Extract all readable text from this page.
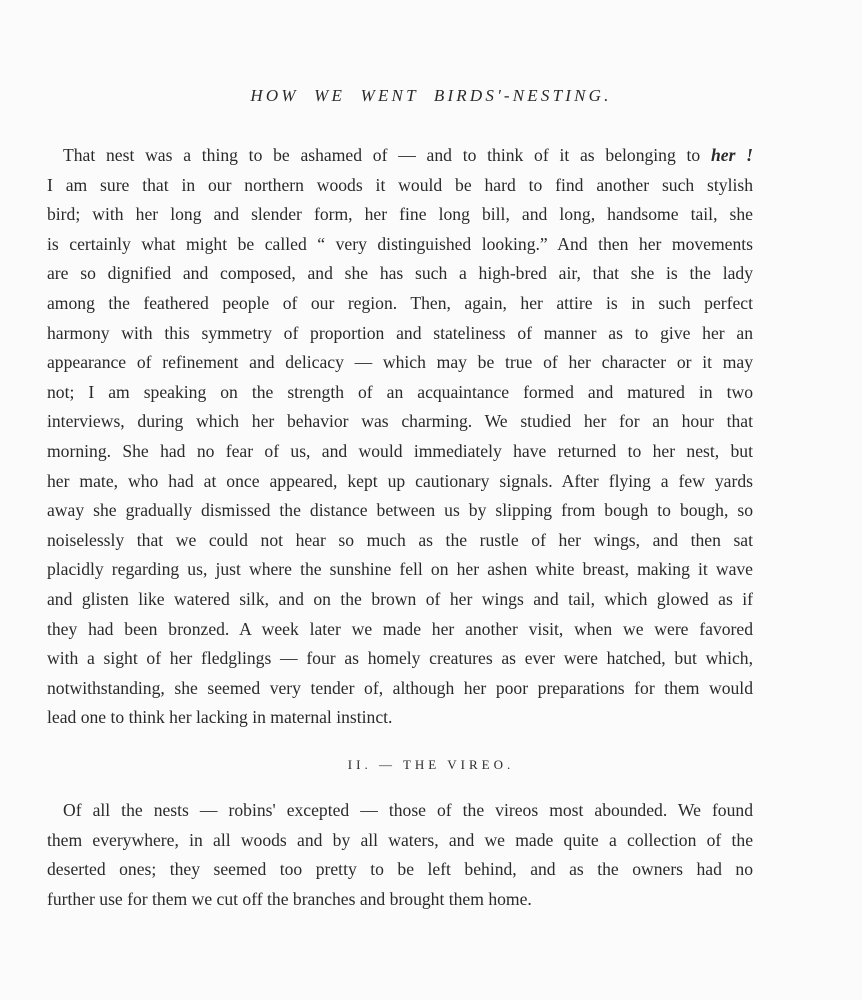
HOW WE WENT BIRDS'-NESTING.
That nest was a thing to be ashamed of — and to think of it as belonging to her !
I am sure that in our northern woods it would be hard to find another such stylish
bird; with her long and slender form, her fine long bill, and long, handsome tail, she
is certainly what might be called “ very distinguished looking.” And then her movements
are so dignified and composed, and she has such a high-bred air, that she is the lady
among the feathered people of our region. Then, again, her attire is in such perfect
harmony with this symmetry of proportion and stateliness of manner as to give her an
appearance of refinement and delicacy — which may be true of her character or it may
not; I am speaking on the strength of an acquaintance formed and matured in two
interviews, during which her behavior was charming. We studied her for an hour that
morning. She had no fear of us, and would immediately have returned to her nest, but
her mate, who had at once appeared, kept up cautionary signals. After flying a few yards
away she gradually dismissed the distance between us by slipping from bough to bough, so
noiselessly that we could not hear so much as the rustle of her wings, and then sat
placidly regarding us, just where the sunshine fell on her ashen white breast, making it wave
and glisten like watered silk, and on the brown of her wings and tail, which glowed as if
they had been bronzed. A week later we made her another visit, when we were favored
with a sight of her fledglings — four as homely creatures as ever were hatched, but which,
notwithstanding, she seemed very tender of, although her poor preparations for them would
lead one to think her lacking in maternal instinct.
II. — THE VIREO.
Of all the nests — robins' excepted — those of the vireos most abounded. We found
them everywhere, in all woods and by all waters, and we made quite a collection of the
deserted ones; they seemed too pretty to be left behind, and as the owners had no
further use for them we cut off the branches and brought them home.
